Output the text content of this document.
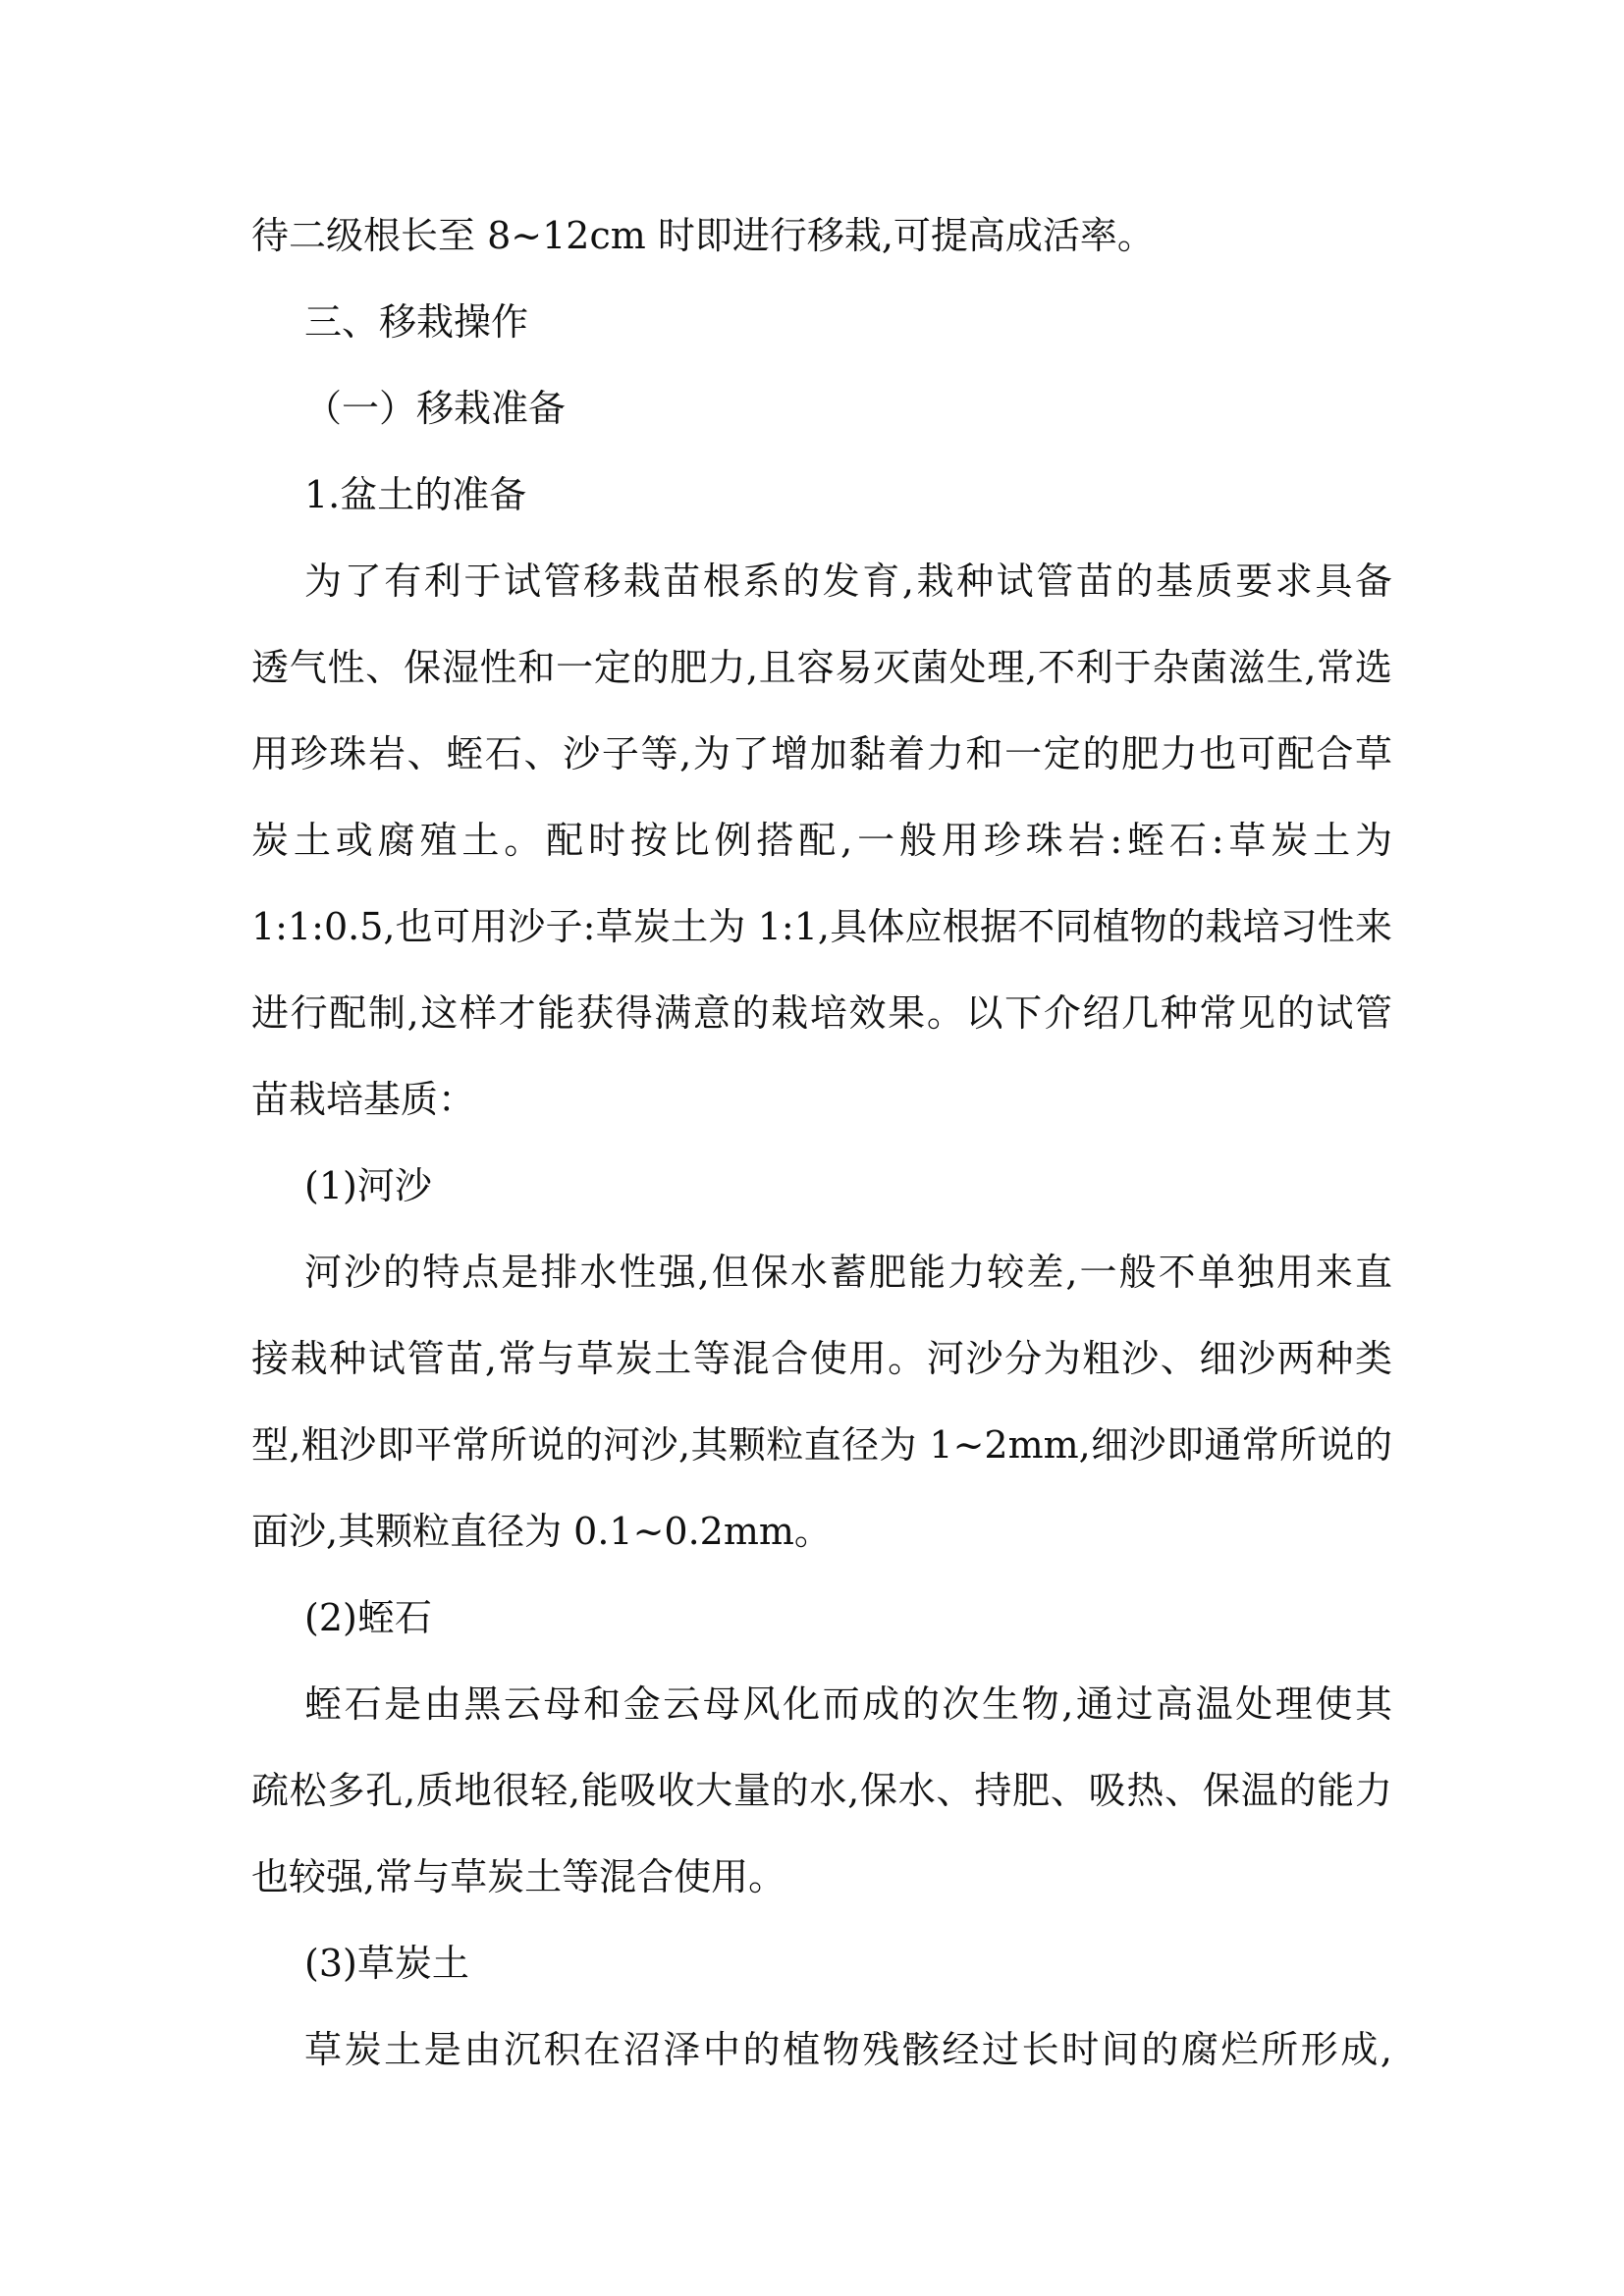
待二级根长至 8~12cm 时即进行移栽,可提高成活率。

三、移栽操作

（一）移栽准备

1.盆土的准备

为了有利于试管移栽苗根系的发育,栽种试管苗的基质要求具备

透气性、保湿性和一定的肥力,且容易灭菌处理,不利于杂菌滋生,常选

用珍珠岩、蛭石、沙子等,为了增加黏着力和一定的肥力也可配合草

炭土或腐殖土。配时按比例搭配,一般用珍珠岩:蛭石:草炭土为

1:1:0.5,也可用沙子:草炭土为 1:1,具体应根据不同植物的栽培习性来

进行配制,这样才能获得满意的栽培效果。以下介绍几种常见的试管

苗栽培基质：

(1)河沙

河沙的特点是排水性强,但保水蓄肥能力较差,一般不单独用来直

接栽种试管苗,常与草炭土等混合使用。河沙分为粗沙、细沙两种类

型,粗沙即平常所说的河沙,其颗粒直径为 1~2mm,细沙即通常所说的

面沙,其颗粒直径为 0.1~0.2mm。

(2)蛭石

蛭石是由黑云母和金云母风化而成的次生物,通过高温处理使其

疏松多孔,质地很轻,能吸收大量的水,保水、持肥、吸热、保温的能力

也较强,常与草炭土等混合使用。

(3)草炭土

草炭土是由沉积在沼泽中的植物残骸经过长时间的腐烂所形成,
